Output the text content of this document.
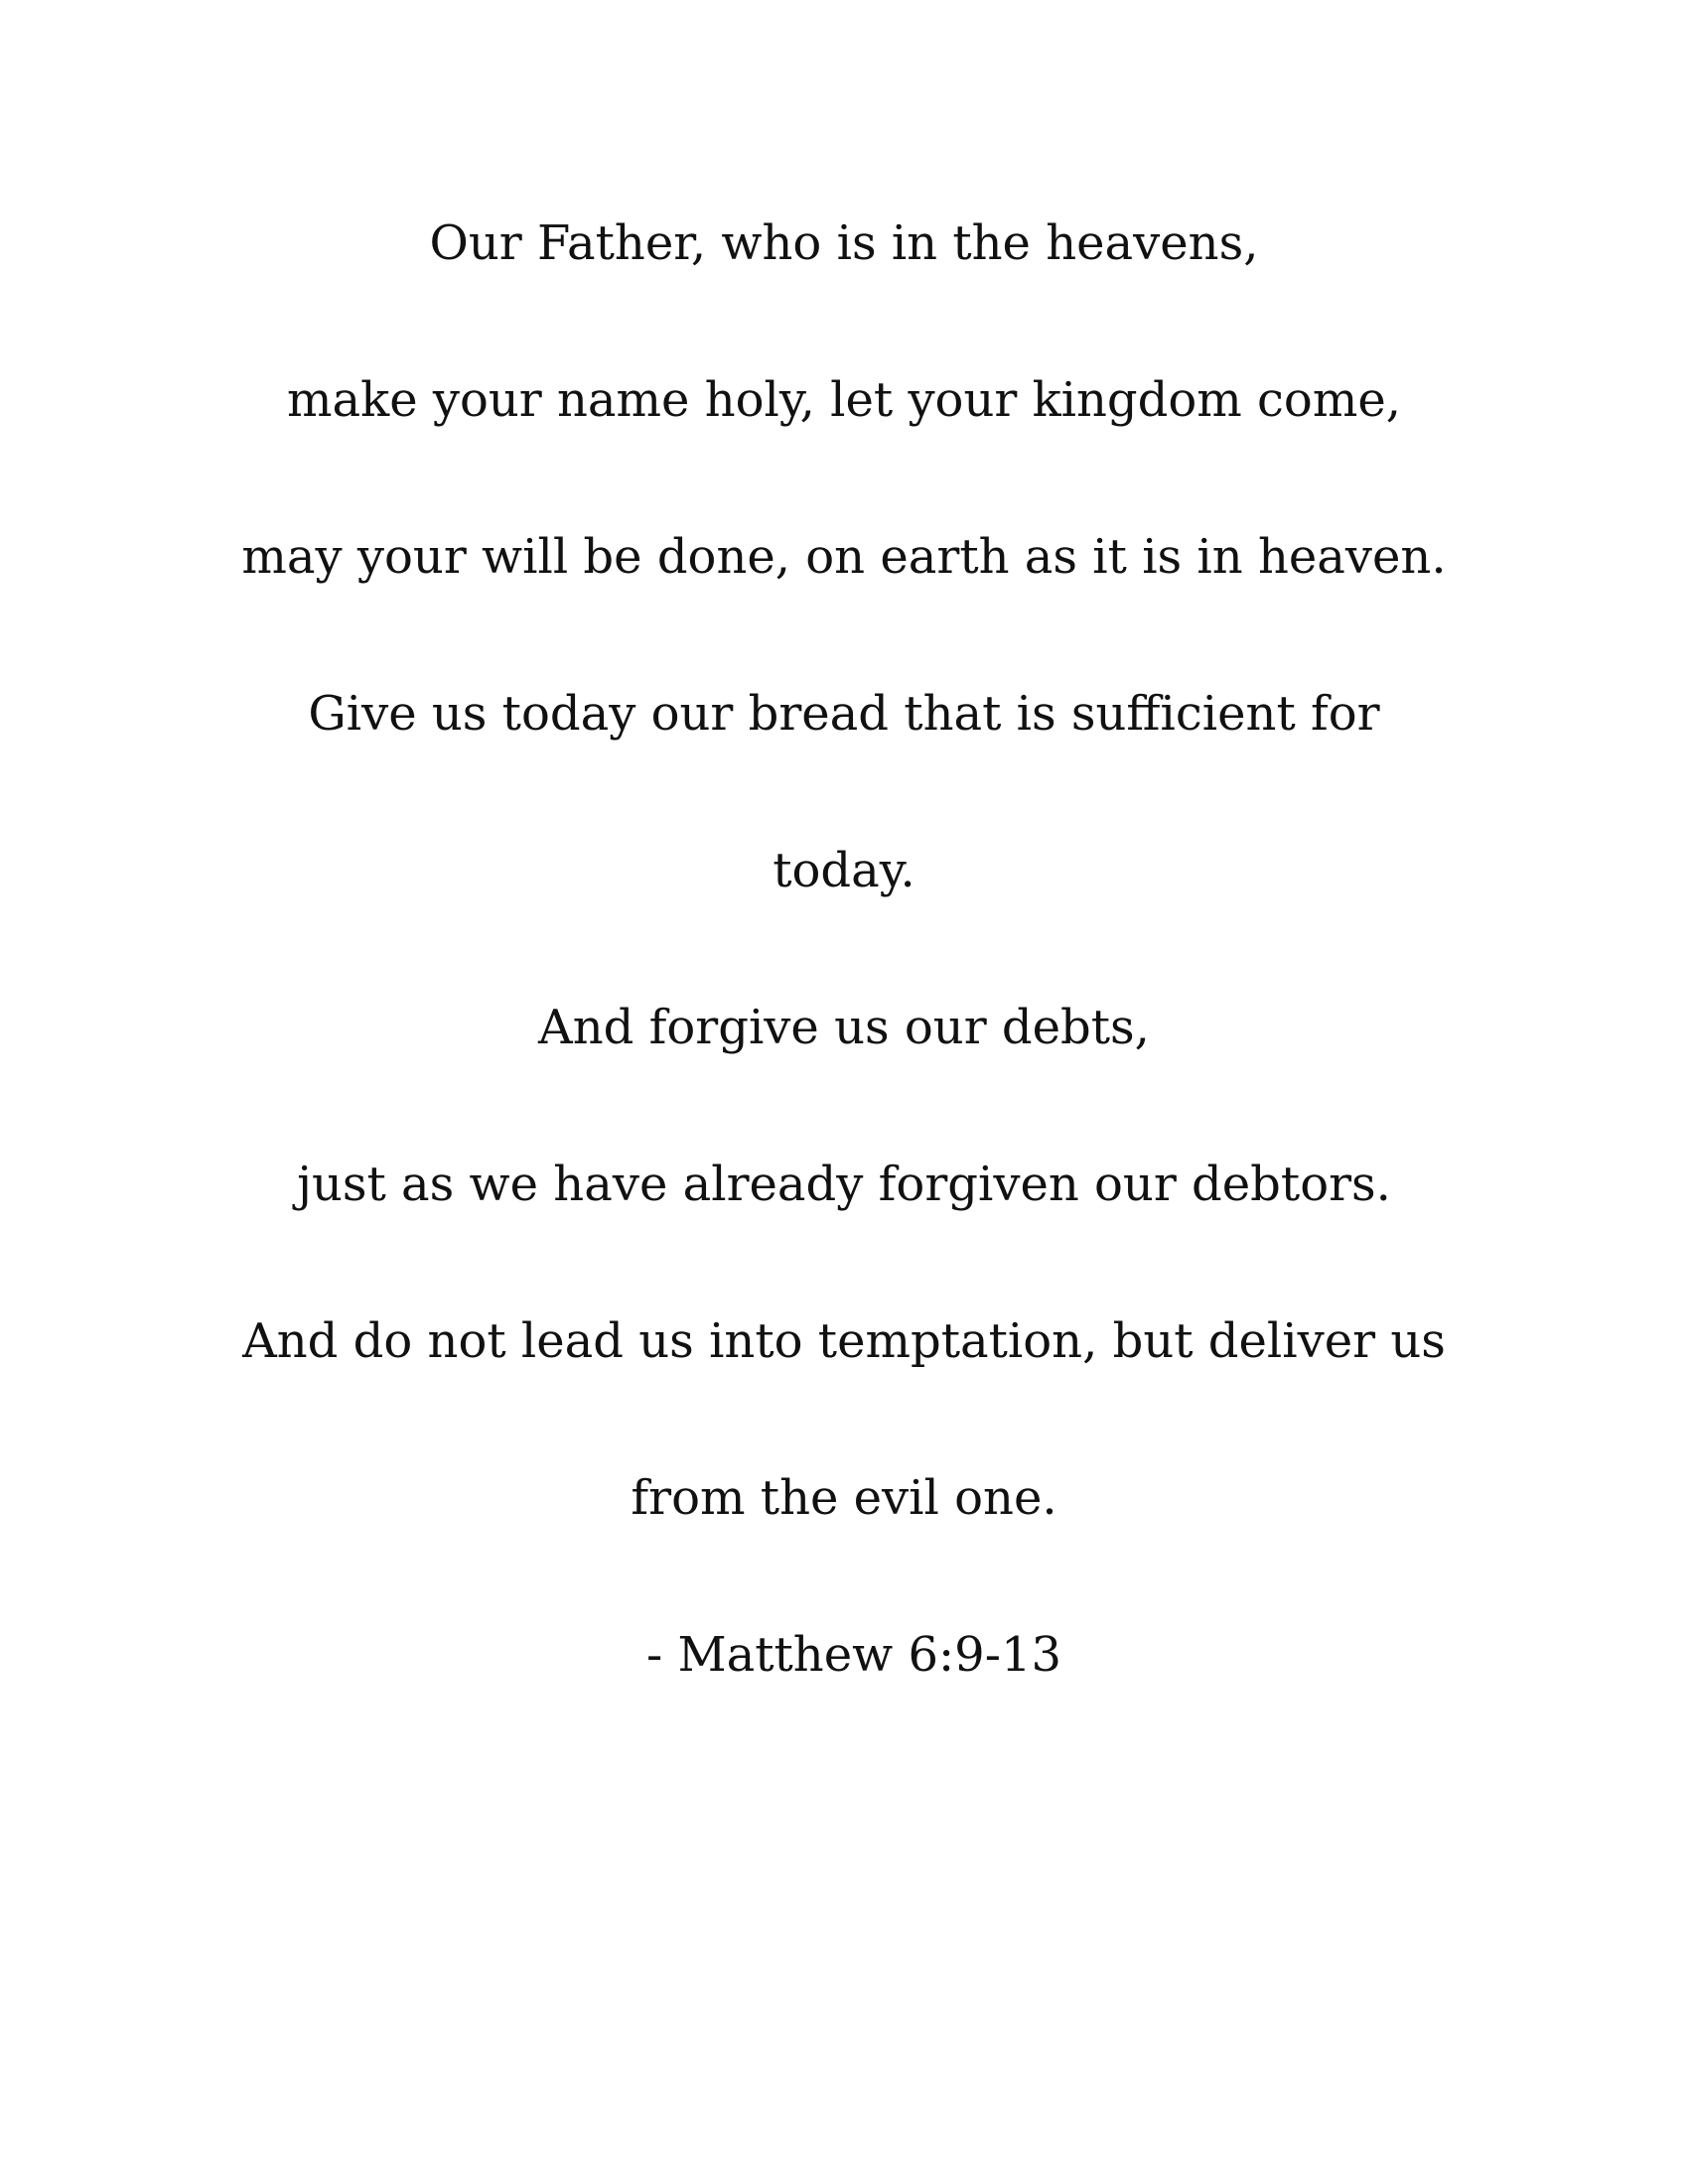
Our Father, who is in the heavens,
make your name holy, let your kingdom come,
may your will be done, on earth as it is in heaven.
Give us today our bread that is sufficient for
today.
And forgive us our debts,
just as we have already forgiven our debtors.
And do not lead us into temptation, but deliver us
from the evil one.
- Matthew 6:9-13
